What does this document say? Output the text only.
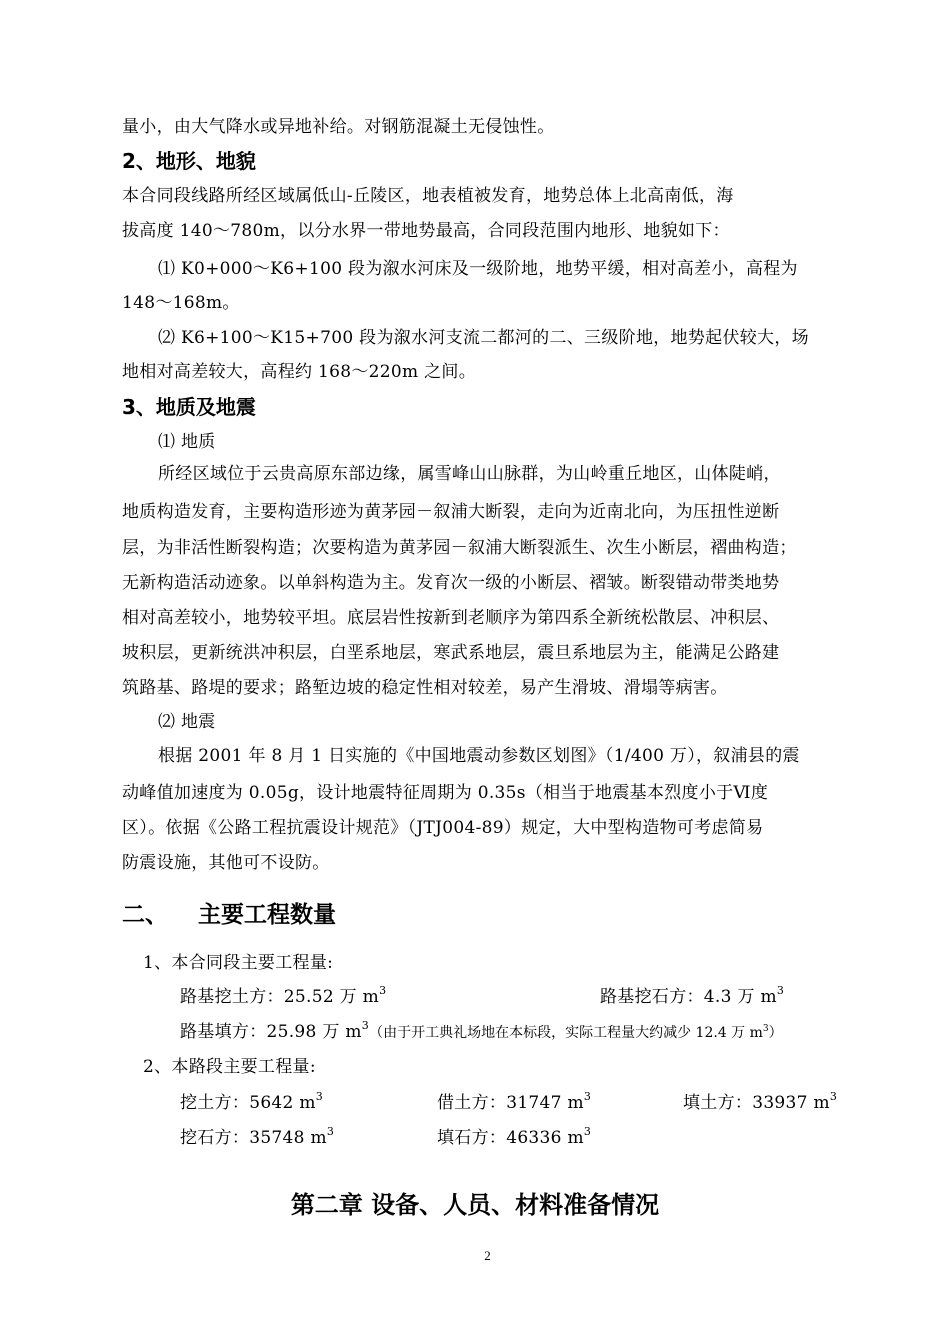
量小，由大气降水或异地补给。对钢筋混凝土无侵蚀性。
2、地形、地貌
本合同段线路所经区域属低山-丘陵区，地表植被发育，地势总体上北高南低，海
拔高度 140～780m，以分水界一带地势最高，合同段范围内地形、地貌如下：
⑴ K0+000～K6+100 段为溆水河床及一级阶地，地势平缓，相对高差小，高程为
148～168m。
⑵ K6+100～K15+700 段为溆水河支流二都河的二、三级阶地，地势起伏较大，场
地相对高差较大，高程约 168～220m 之间。
3、地质及地震
⑴ 地质
所经区域位于云贵高原东部边缘，属雪峰山山脉群，为山岭重丘地区，山体陡峭，
地质构造发育，主要构造形迹为黄茅园－叙浦大断裂，走向为近南北向，为压扭性逆断
层，为非活性断裂构造；次要构造为黄茅园－叙浦大断裂派生、次生小断层，褶曲构造；
无新构造活动迹象。以单斜构造为主。发育次一级的小断层、褶皱。断裂错动带类地势
相对高差较小，地势较平坦。底层岩性按新到老顺序为第四系全新统松散层、冲积层、
坡积层，更新统洪冲积层，白垩系地层，寒武系地层，震旦系地层为主，能满足公路建
筑路基、路堤的要求；路堑边坡的稳定性相对较差，易产生滑坡、滑塌等病害。
⑵ 地震
根据 2001 年 8 月 1 日实施的《中国地震动参数区划图》（1/400 万），叙浦县的震
动峰值加速度为 0.05g，设计地震特征周期为 0.35s（相当于地震基本烈度小于Ⅵ度
区）。依据《公路工程抗震设计规范》（JTJ004-89）规定，大中型构造物可考虑简易
防震设施，其他可不设防。
二、 主要工程数量
1、本合同段主要工程量:
路基挖土方：25.52 万 $m^3$	路基挖石方：4.3 万 $m^3$
路基填方：25.98 万 $m^3$（由于开工典礼场地在本标段，实际工程量大约减少 12.4 万 $m^3$）
2、本路段主要工程量:
挖土方：5642 $m^3$	借土方：31747 $m^3$	填土方：33937 $m^3$
挖石方：35748 $m^3$	填石方：46336 $m^3$
第二章 设备、人员、材料准备情况
2
